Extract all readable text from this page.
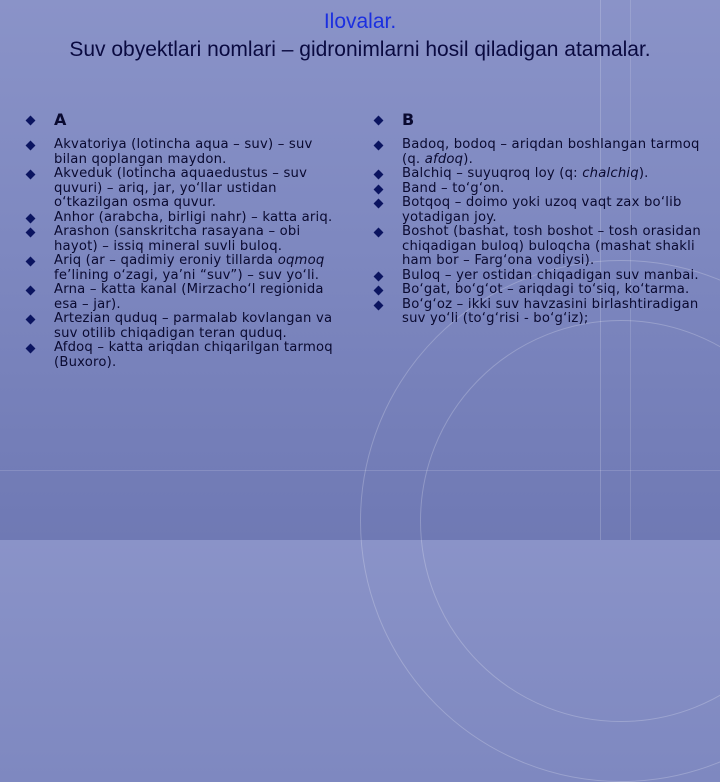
Ilovalar.
Suv obyektlari nomlari – gidronimlarni hosil qiladigan atamalar.
A
Akvatoriya (lotincha aqua – suv) – suv bilan qoplangan maydon.
Akveduk (lotincha aquaedustus – suv quvuri) – ariq, jar, yo‘llar ustidan o‘tkazilgan osma quvur.
Anhor (arabcha, birligi nahr) – katta ariq.
Arashon (sanskritcha rasayana – obi hayot) – issiq mineral suvli buloq.
Ariq (ar – qadimiy eroniy tillarda oqmoq fe’lining o‘zagi, ya’ni “suv”) – suv yo‘li.
Arna – katta kanal (Mirzacho‘l regionida esa – jar).
Artezian quduq – parmalab kovlangan va suv otilib chiqadigan teran quduq.
Afdoq – katta ariqdan chiqarilgan tarmoq (Buxoro).
B
Badoq, bodoq – ariqdan boshlangan tarmoq (q. afdoq).
Balchiq – suyuqroq loy (q: chalchiq).
Band – to‘g‘on.
Botqoq – doimo yoki uzoq vaqt zax bo‘lib yotadigan joy.
Boshot (bashat, tosh boshot – tosh orasidan chiqadigan buloq) buloqcha (mashat shakli ham bor – Farg‘ona vodiysi).
Buloq – yer ostidan chiqadigan suv manbai.
Bo‘gat, bo‘g‘ot – ariqdagi to‘siq, ko‘tarma.
Bo‘g‘oz – ikki suv havzasini birlashtiradigan suv yo‘li (to‘g‘risi - bo‘g‘iz);
